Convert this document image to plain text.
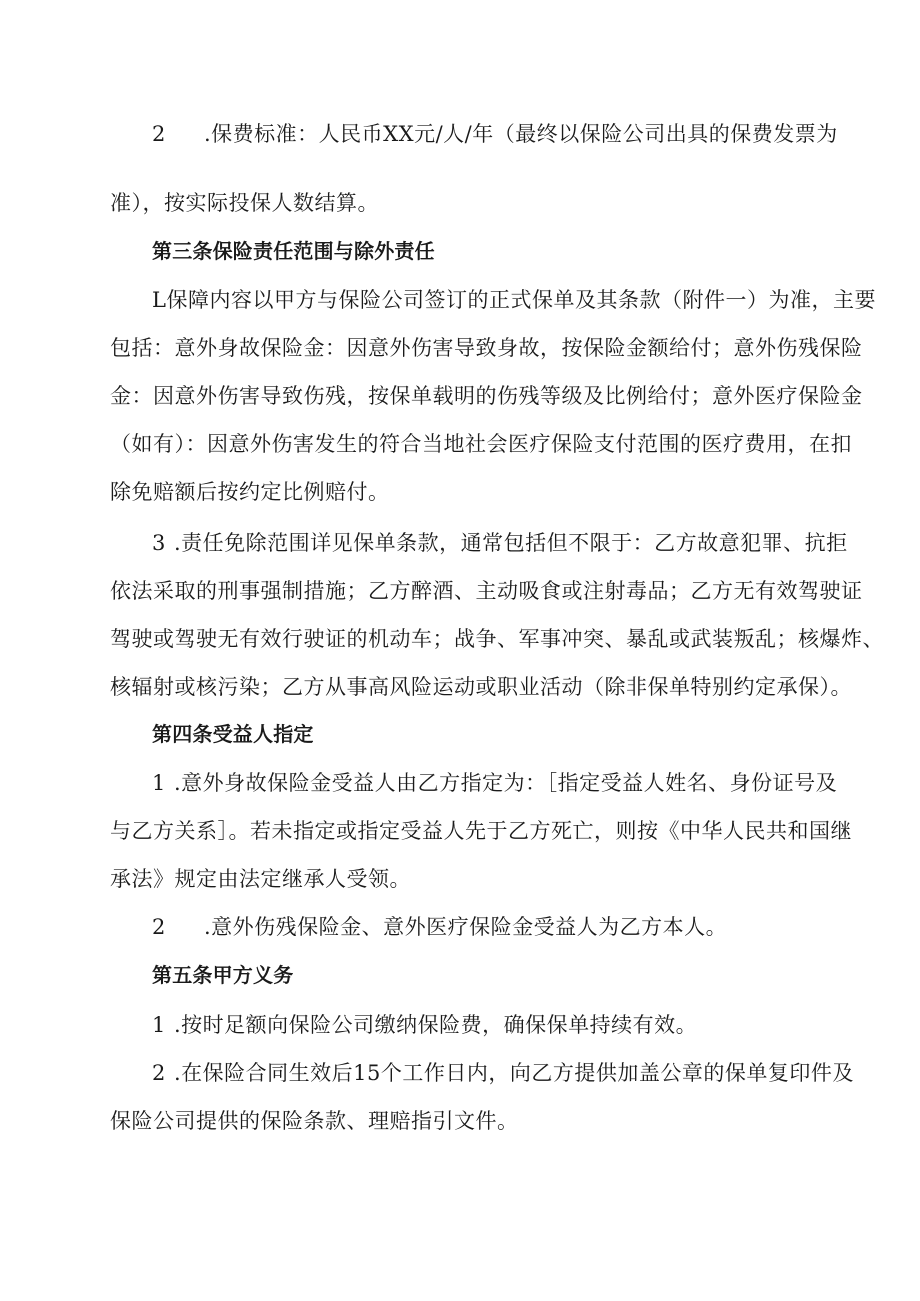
2 .保费标准：人民币XX元/人/年（最终以保险公司出具的保费发票为
准），按实际投保人数结算。
第三条保险责任范围与除外责任
L保障内容以甲方与保险公司签订的正式保单及其条款（附件一）为准，主要
包括：意外身故保险金：因意外伤害导致身故，按保险金额给付；意外伤残保险
金：因意外伤害导致伤残，按保单载明的伤残等级及比例给付；意外医疗保险金
（如有）：因意外伤害发生的符合当地社会医疗保险支付范围的医疗费用，在扣
除免赔额后按约定比例赔付。
3 .责任免除范围详见保单条款，通常包括但不限于：乙方故意犯罪、抗拒
依法采取的刑事强制措施；乙方醉酒、主动吸食或注射毒品；乙方无有效驾驶证
驾驶或驾驶无有效行驶证的机动车；战争、军事冲突、暴乱或武装叛乱；核爆炸、
核辐射或核污染；乙方从事高风险运动或职业活动（除非保单特别约定承保）。
第四条受益人指定
1 .意外身故保险金受益人由乙方指定为：［指定受益人姓名、身份证号及
与乙方关系］。若未指定或指定受益人先于乙方死亡，则按《中华人民共和国继
承法》规定由法定继承人受领。
2 .意外伤残保险金、意外医疗保险金受益人为乙方本人。
第五条甲方义务
1 .按时足额向保险公司缴纳保险费，确保保单持续有效。
2 .在保险合同生效后15个工作日内，向乙方提供加盖公章的保单复印件及
保险公司提供的保险条款、理赔指引文件。
